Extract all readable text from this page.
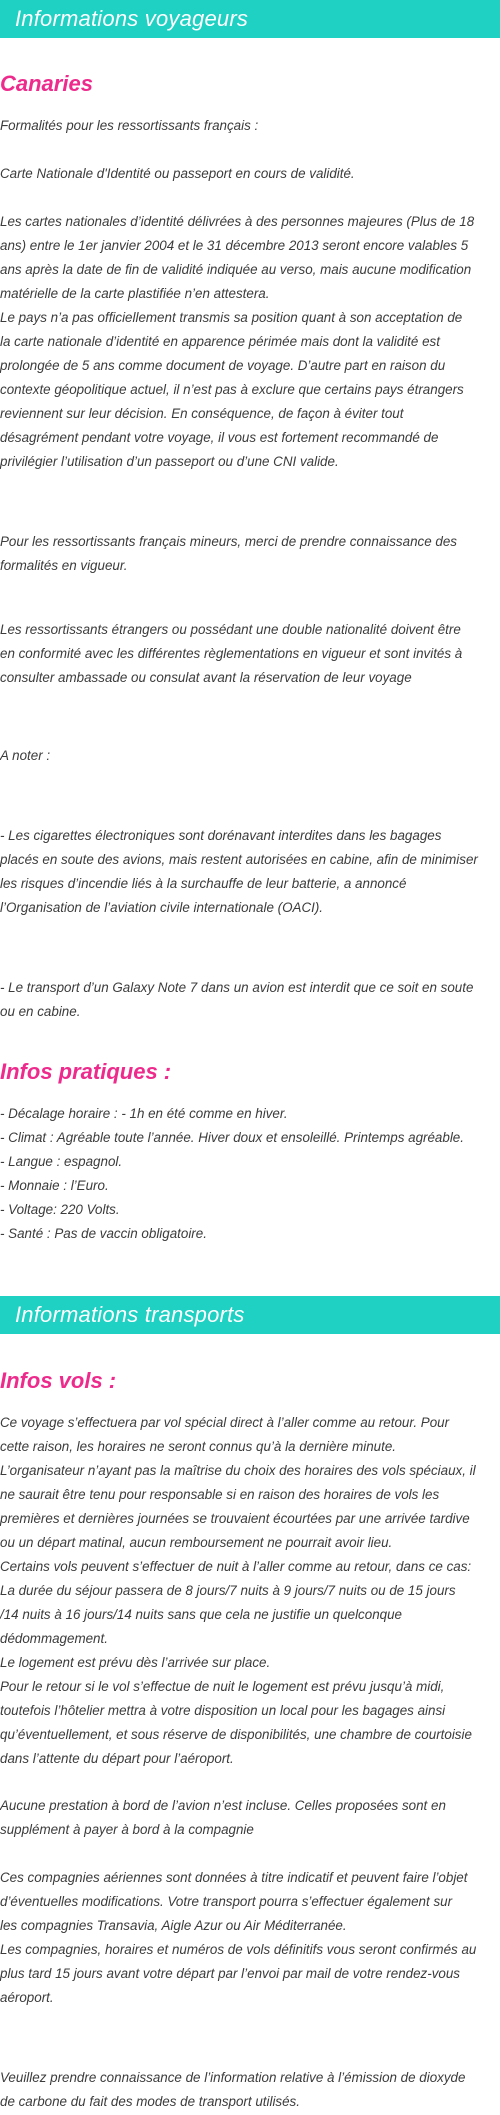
Informations voyageurs
Canaries

Formalités pour les ressortissants français :

Carte Nationale d'Identité ou passeport en cours de validité.

Les cartes nationales d’identité délivrées à des personnes majeures (Plus de 18
ans) entre le 1er janvier 2004 et le 31 décembre 2013 seront encore valables 5
ans après la date de fin de validité indiquée au verso, mais aucune modification
matérielle de la carte plastifiée n’en attestera.
Le pays n’a pas officiellement transmis sa position quant à son acceptation de
la carte nationale d’identité en apparence périmée mais dont la validité est
prolongée de 5 ans comme document de voyage. D’autre part en raison du
contexte géopolitique actuel, il n’est pas à exclure que certains pays étrangers
reviennent sur leur décision. En conséquence, de façon à éviter tout
désagrément pendant votre voyage, il vous est fortement recommandé de
privilégier l’utilisation d’un passeport ou d’une CNI valide.

Pour les ressortissants français mineurs, merci de prendre connaissance des
formalités en vigueur.

Les ressortissants étrangers ou possédant une double nationalité doivent être
en conformité avec les différentes règlementations en vigueur et sont invités à
consulter ambassade ou consulat avant la réservation de leur voyage

A noter :

- Les cigarettes électroniques sont dorénavant interdites dans les bagages
placés en soute des avions, mais restent autorisées en cabine, afin de minimiser
les risques d’incendie liés à la surchauffe de leur batterie, a annoncé
l’Organisation de l’aviation civile internationale (OACI).

- Le transport d’un Galaxy Note 7 dans un avion est interdit que ce soit en soute
ou en cabine.

Infos pratiques :

- Décalage horaire : - 1h en été comme en hiver.
- Climat : Agréable toute l’année. Hiver doux et ensoleillé. Printemps agréable.
- Langue : espagnol.
- Monnaie : l’Euro.
- Voltage: 220 Volts.
- Santé : Pas de vaccin obligatoire.

Informations transports
Infos vols :

Ce voyage s’effectuera par vol spécial direct à l’aller comme au retour. Pour
cette raison, les horaires ne seront connus qu’à la dernière minute.
L’organisateur n’ayant pas la maîtrise du choix des horaires des vols spéciaux, il
ne saurait être tenu pour responsable si en raison des horaires de vols les
premières et dernières journées se trouvaient écourtées par une arrivée tardive
ou un départ matinal, aucun remboursement ne pourrait avoir lieu.
Certains vols peuvent s’effectuer de nuit à l’aller comme au retour, dans ce cas:
La durée du séjour passera de 8 jours/7 nuits à 9 jours/7 nuits ou de 15 jours
/14 nuits à 16 jours/14 nuits sans que cela ne justifie un quelconque
dédommagement.
Le logement est prévu dès l’arrivée sur place.
Pour le retour si le vol s’effectue de nuit le logement est prévu jusqu’à midi,
toutefois l’hôtelier mettra à votre disposition un local pour les bagages ainsi
qu’éventuellement, et sous réserve de disponibilités, une chambre de courtoisie
dans l’attente du départ pour l’aéroport.

Aucune prestation à bord de l’avion n’est incluse. Celles proposées sont en
supplément à payer à bord à la compagnie

Ces compagnies aériennes sont données à titre indicatif et peuvent faire l’objet
d’éventuelles modifications. Votre transport pourra s’effectuer également sur
les compagnies Transavia, Aigle Azur ou Air Méditerranée.
Les compagnies, horaires et numéros de vols définitifs vous seront confirmés au
plus tard 15 jours avant votre départ par l’envoi par mail de votre rendez-vous
aéroport.

Veuillez prendre connaissance de l’information relative à l’émission de dioxyde
de carbone du fait des modes de transport utilisés.
